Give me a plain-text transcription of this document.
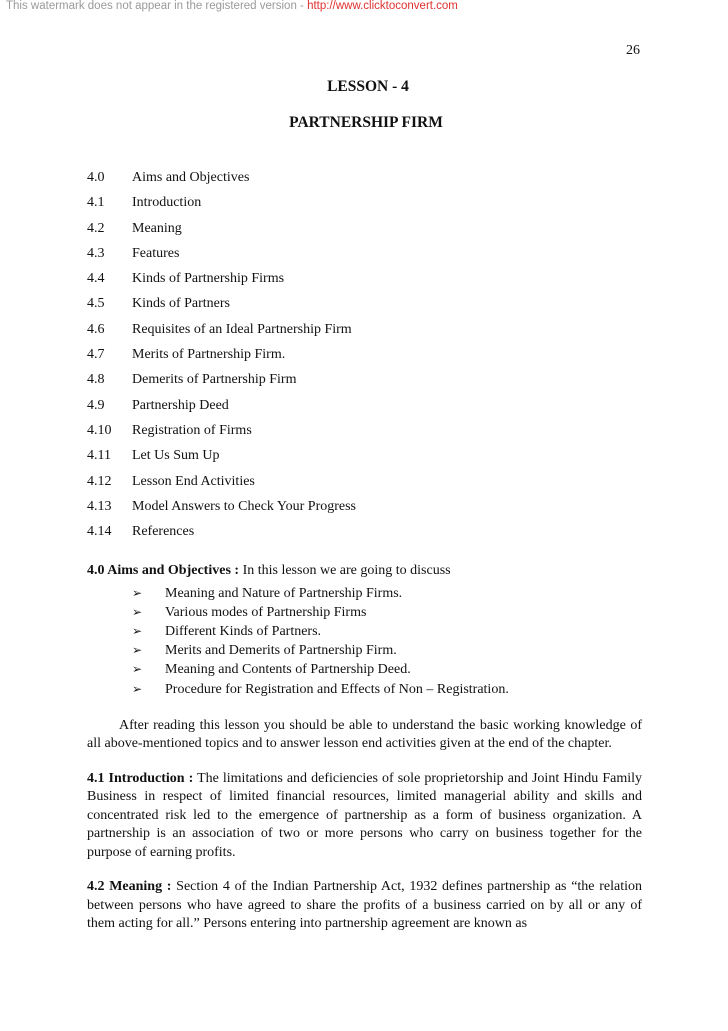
This watermark does not appear in the registered version - http://www.clicktoconvert.com
26
LESSON - 4
PARTNERSHIP FIRM
4.0 Aims and Objectives
4.1 Introduction
4.2 Meaning
4.3 Features
4.4 Kinds of Partnership Firms
4.5 Kinds of Partners
4.6 Requisites of an Ideal Partnership Firm
4.7 Merits of Partnership Firm.
4.8 Demerits of Partnership Firm
4.9 Partnership Deed
4.10 Registration of Firms
4.11 Let Us Sum Up
4.12 Lesson End Activities
4.13 Model Answers to Check Your Progress
4.14 References

4.0 Aims and Objectives : In this lesson we are going to discuss

➢ Meaning and Nature of Partnership Firms.
➢ Various modes of Partnership Firms
➢ Different Kinds of Partners.
➢ Merits and Demerits of Partnership Firm.
➢ Meaning and Contents of Partnership Deed.
➢ Procedure for Registration and Effects of Non – Registration.

After reading this lesson you should be able to understand the basic working knowledge of all above-mentioned topics and to answer lesson end activities given at the end of the chapter.

4.1 Introduction : The limitations and deficiencies of sole proprietorship and Joint Hindu Family Business in respect of limited financial resources, limited managerial ability and skills and concentrated risk led to the emergence of partnership as a form of business organization. A partnership is an association of two or more persons who carry on business together for the purpose of earning profits.

4.2 Meaning : Section 4 of the Indian Partnership Act, 1932 defines partnership as “the relation between persons who have agreed to share the profits of a business carried on by all or any of them acting for all.” Persons entering into partnership agreement are known as
